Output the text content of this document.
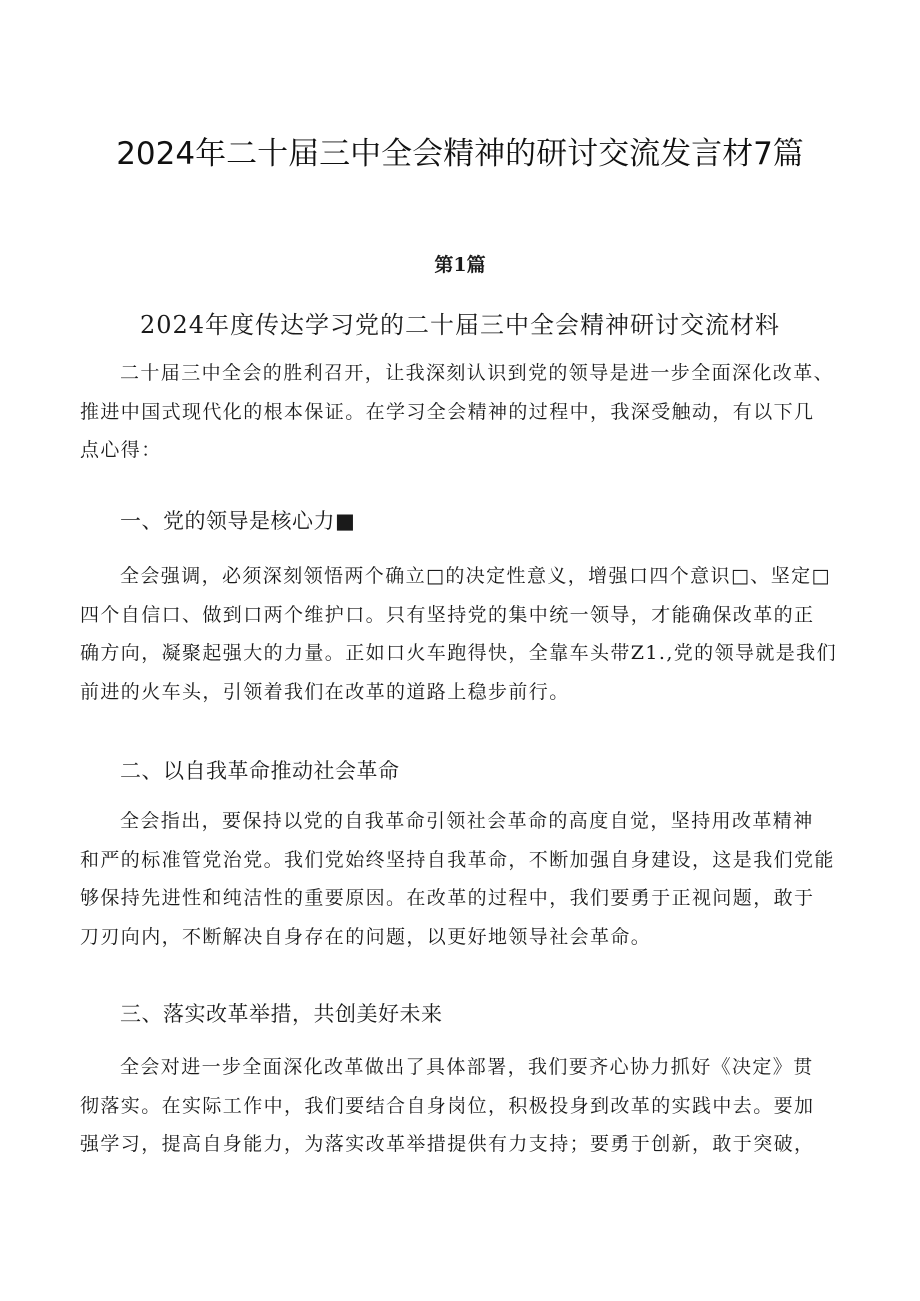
2024年二十届三中全会精神的研讨交流发言材7篇
第1篇
2024年度传达学习党的二十届三中全会精神研讨交流材料
二十届三中全会的胜利召开，让我深刻认识到党的领导是进一步全面深化改革、
推进中国式现代化的根本保证。在学习全会精神的过程中，我深受触动，有以下几
点心得：
一、党的领导是核心力■
全会强调，必须深刻领悟两个确立□的决定性意义，增强口四个意识□、坚定□
四个自信口、做到口两个维护口。只有坚持党的集中统一领导，才能确保改革的正
确方向，凝聚起强大的力量。正如口火车跑得快，全靠车头带Z1.,党的领导就是我们
前进的火车头，引领着我们在改革的道路上稳步前行。
二、以自我革命推动社会革命
全会指出，要保持以党的自我革命引领社会革命的高度自觉，坚持用改革精神
和严的标准管党治党。我们党始终坚持自我革命，不断加强自身建设，这是我们党能
够保持先进性和纯洁性的重要原因。在改革的过程中，我们要勇于正视问题，敢于
刀刃向内，不断解决自身存在的问题，以更好地领导社会革命。
三、落实改革举措，共创美好未来
全会对进一步全面深化改革做出了具体部署，我们要齐心协力抓好《决定》贯
彻落实。在实际工作中，我们要结合自身岗位，积极投身到改革的实践中去。要加
强学习，提高自身能力，为落实改革举措提供有力支持；要勇于创新，敢于突破，
